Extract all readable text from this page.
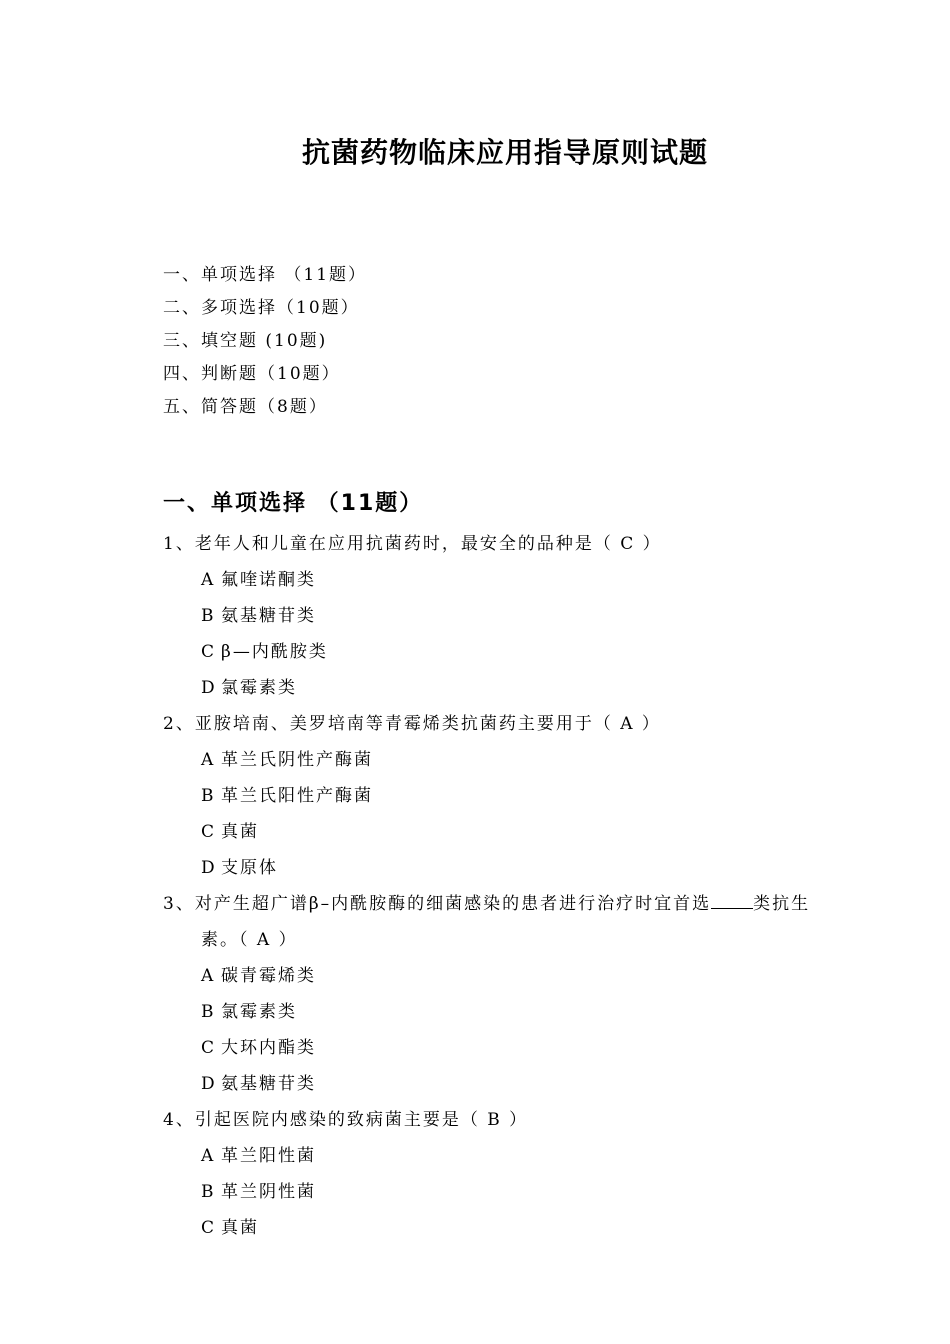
抗菌药物临床应用指导原则试题
一、单项选择 （11题）
二、多项选择（10题）
三、填空题 (10题)
四、判断题（10题）
五、简答题（8题）
一、单项选择 （11题）
1、老年人和儿童在应用抗菌药时，最安全的品种是（ C ）
A 氟喹诺酮类
B 氨基糖苷类
C β—内酰胺类
D 氯霉素类
2、亚胺培南、美罗培南等青霉烯类抗菌药主要用于（ A ）
A 革兰氏阴性产酶菌
B 革兰氏阳性产酶菌
C 真菌
D 支原体
3、对产生超广谱β–内酰胺酶的细菌感染的患者进行治疗时宜首选 类抗生
素。（ A ）
A 碳青霉烯类
B 氯霉素类
C 大环内酯类
D 氨基糖苷类
4、引起医院内感染的致病菌主要是（ B ）
A 革兰阳性菌
B 革兰阴性菌
C 真菌
